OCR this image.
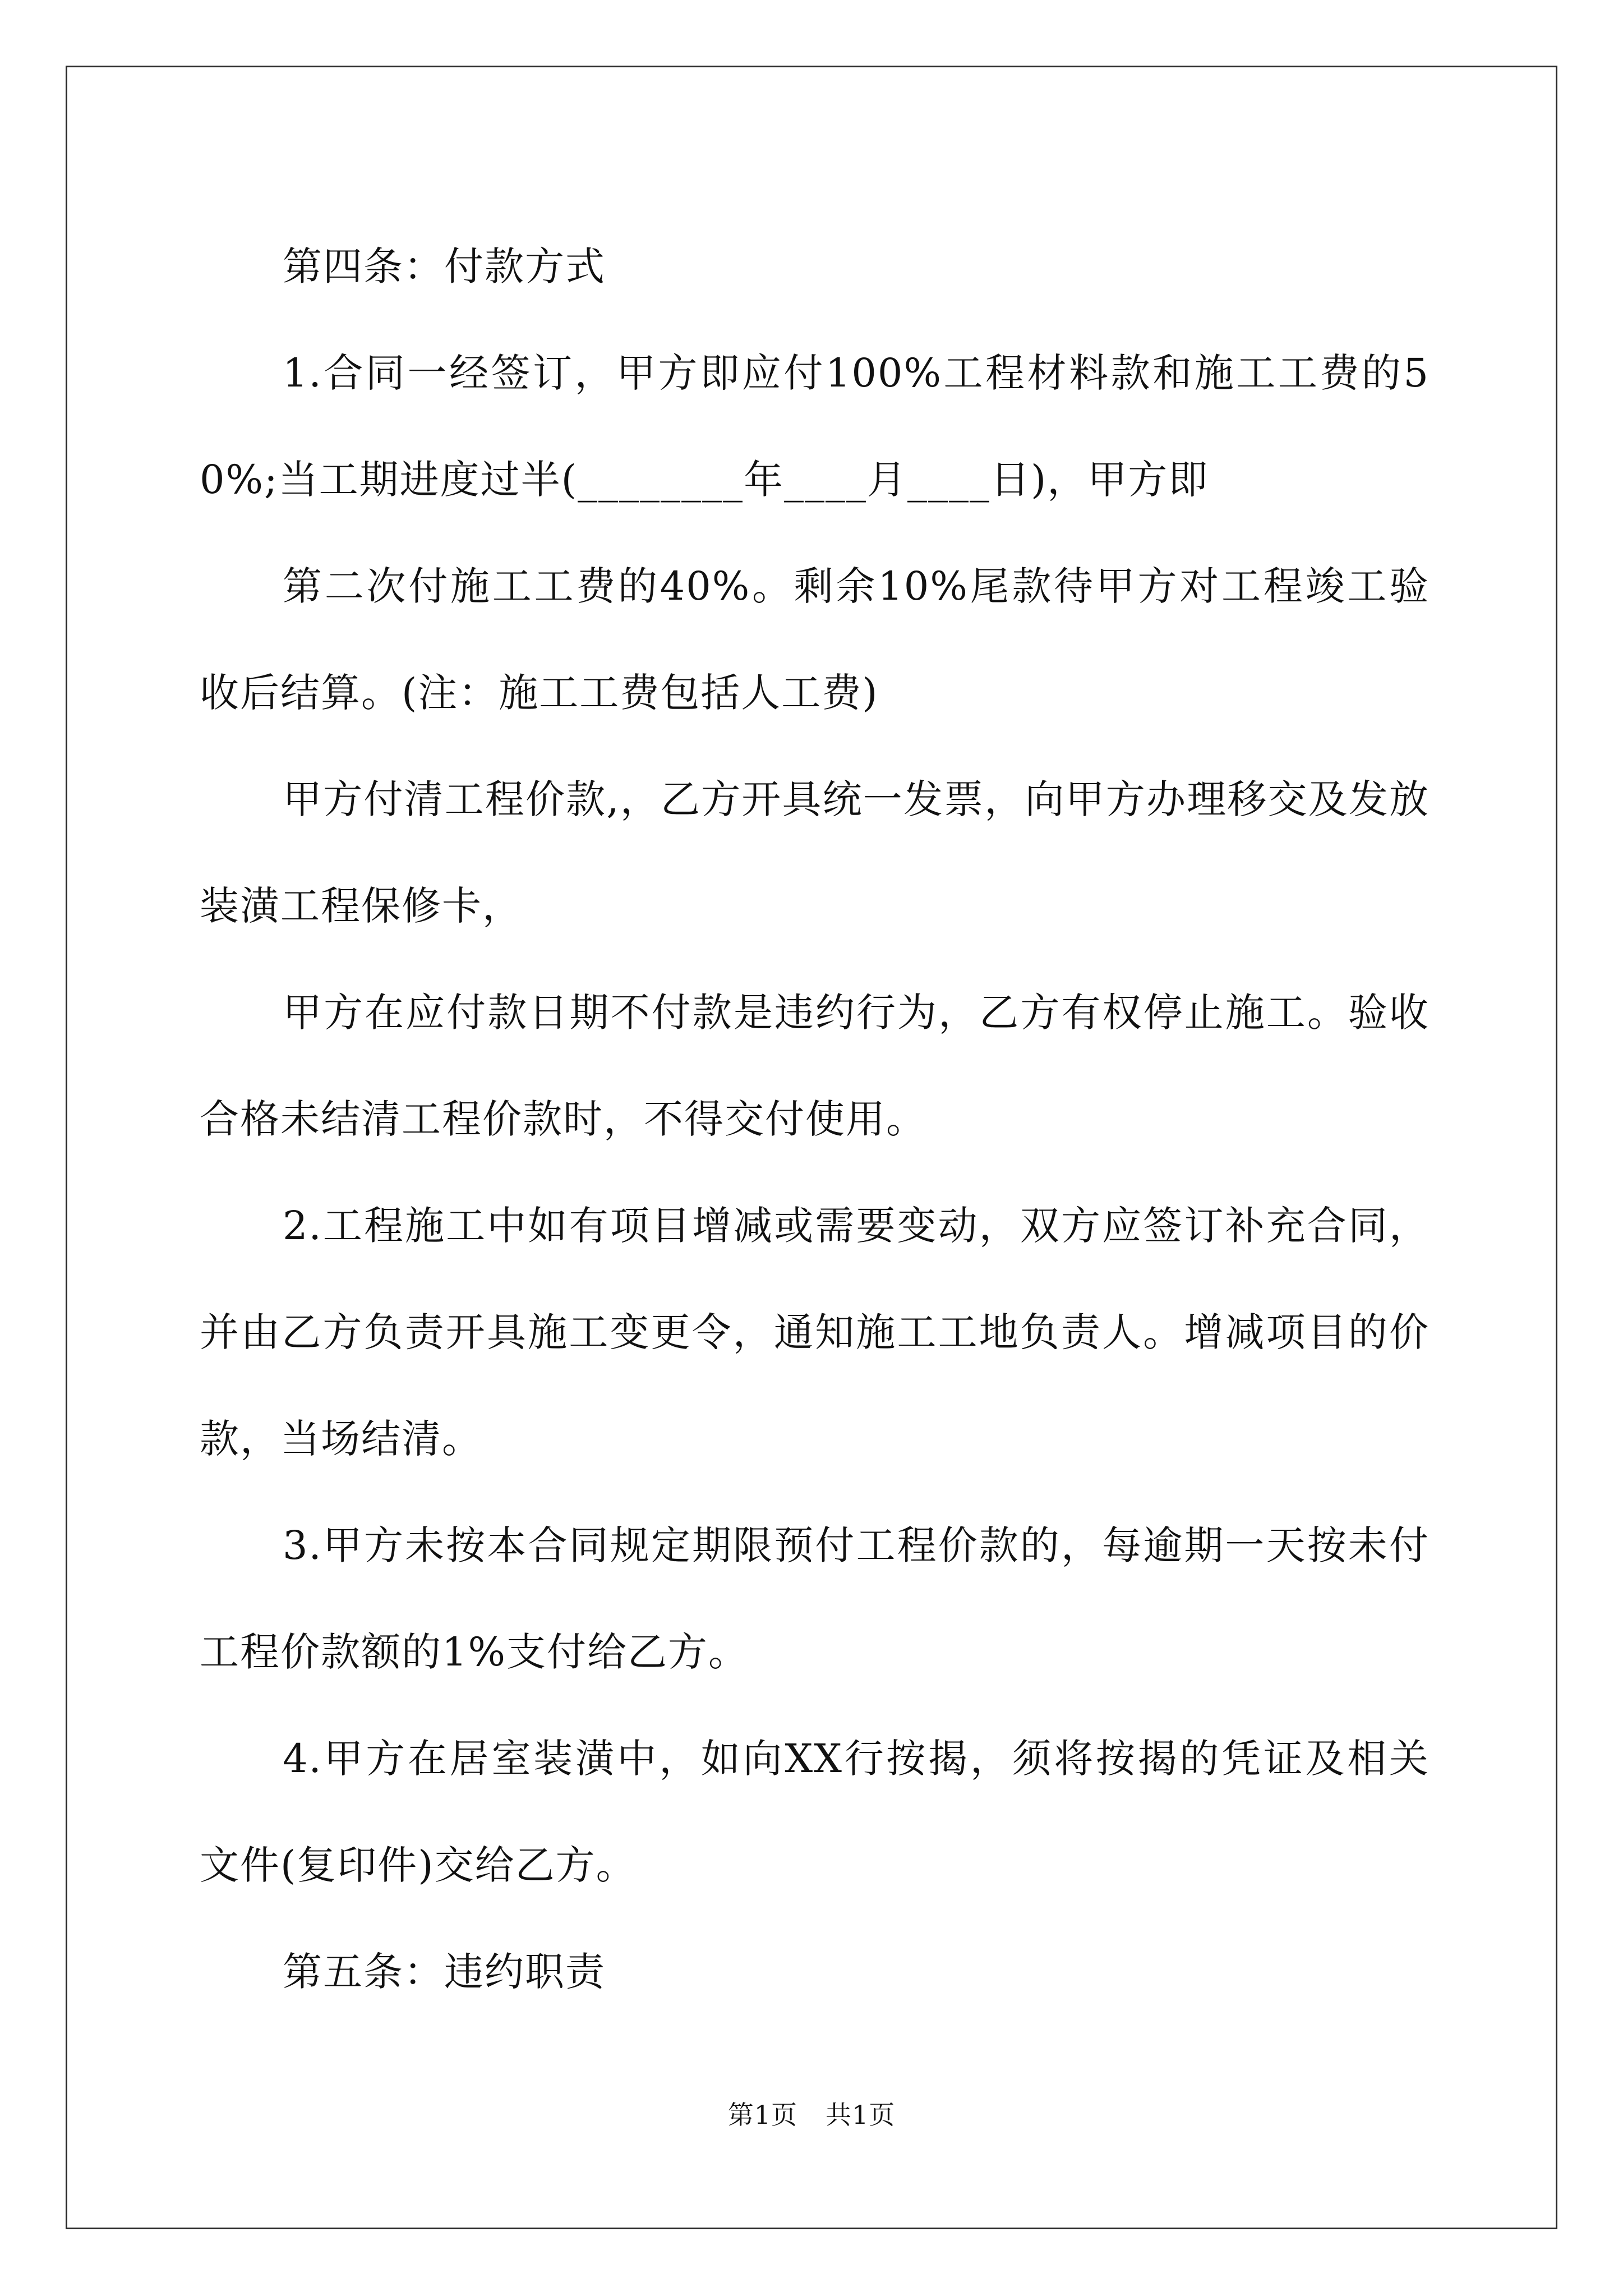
第四条：付款方式

1.合同一经签订，甲方即应付100%工程材料款和施工工费的50%;当工期进度过半(________年____月____日)，甲方即

第二次付施工工费的40%。剩余10%尾款待甲方对工程竣工验收后结算。(注：施工工费包括人工费)

甲方付清工程价款,，乙方开具统一发票，向甲方办理移交及发放装潢工程保修卡，

甲方在应付款日期不付款是违约行为，乙方有权停止施工。验收合格未结清工程价款时，不得交付使用。

2.工程施工中如有项目增减或需要变动，双方应签订补充合同，并由乙方负责开具施工变更令，通知施工工地负责人。增减项目的价款，当场结清。

3.甲方未按本合同规定期限预付工程价款的，每逾期一天按未付工程价款额的1%支付给乙方。

4.甲方在居室装潢中，如向XX行按揭，须将按揭的凭证及相关文件(复印件)交给乙方。

第五条：违约职责

第1页 共1页
